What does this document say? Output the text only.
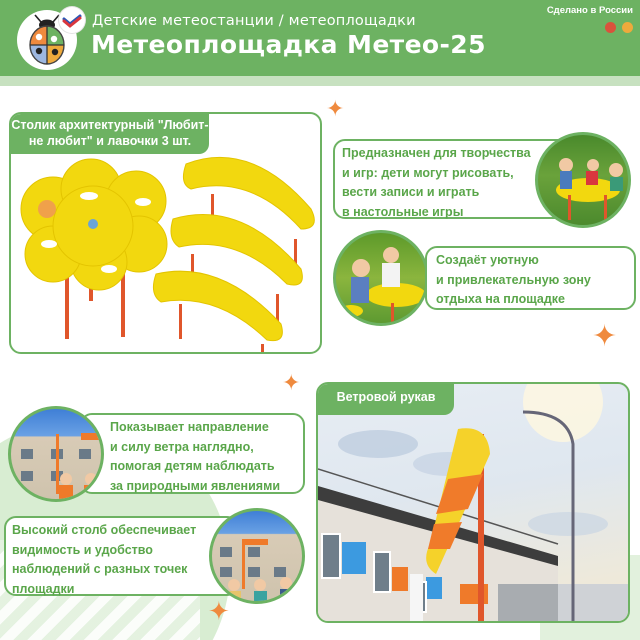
Детские метеостанции / метеоплощадки
Метеоплощадка Метео-25
Сделано в России
Столик архитектурный "Любит-
не любит" и лавочки 3 шт.
✦
✦
✦
✦
Предназначен для творчества
и игр: дети могут рисовать,
вести записи и играть
в настольные игры
Создаёт уютную
и привлекательную зону
отдыха на площадке
Ветровой рукав
Показывает направление
и силу ветра наглядно,
помогая детям наблюдать
за природными явлениями
Высокий столб обеспечивает
видимость и удобство
наблюдений с разных точек
площадки
